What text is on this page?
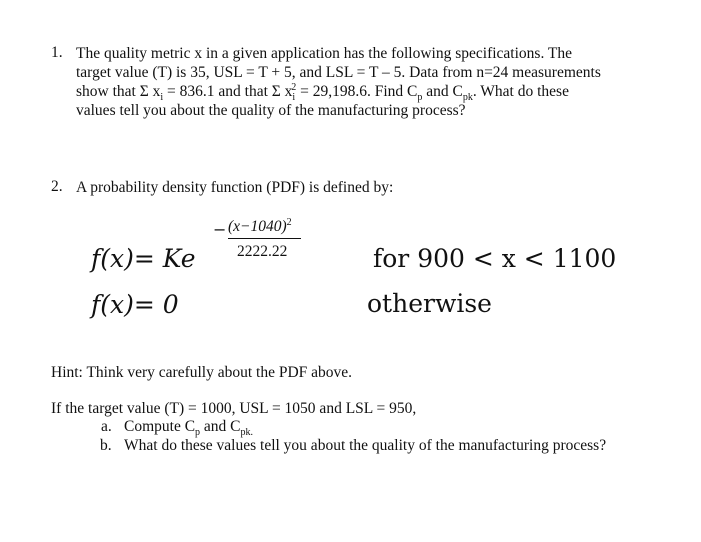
1. The quality metric x in a given application has the following specifications. The
target value (T) is 35, USL = T + 5, and LSL = T – 5. Data from n=24 measurements
show that Σ $x_i = 836.1$ and that Σ $x_i^2 = 29,198.6$. Find $C_p$ and $C_{pk}$. What do these
values tell you about the quality of the manufacturing process?
2. A probability density function (PDF) is defined by:
f(x)= Ke
− $(x-1040)^2$
2222.22	for 900 < x < 1100
f(x)= 0	otherwise
Hint: Think very carefully about the PDF above.
If the target value (T) = 1000, USL = 1050 and LSL = 950,
a. Compute $C_p$ and $C_{pk.}$
b. What do these values tell you about the quality of the manufacturing process?
